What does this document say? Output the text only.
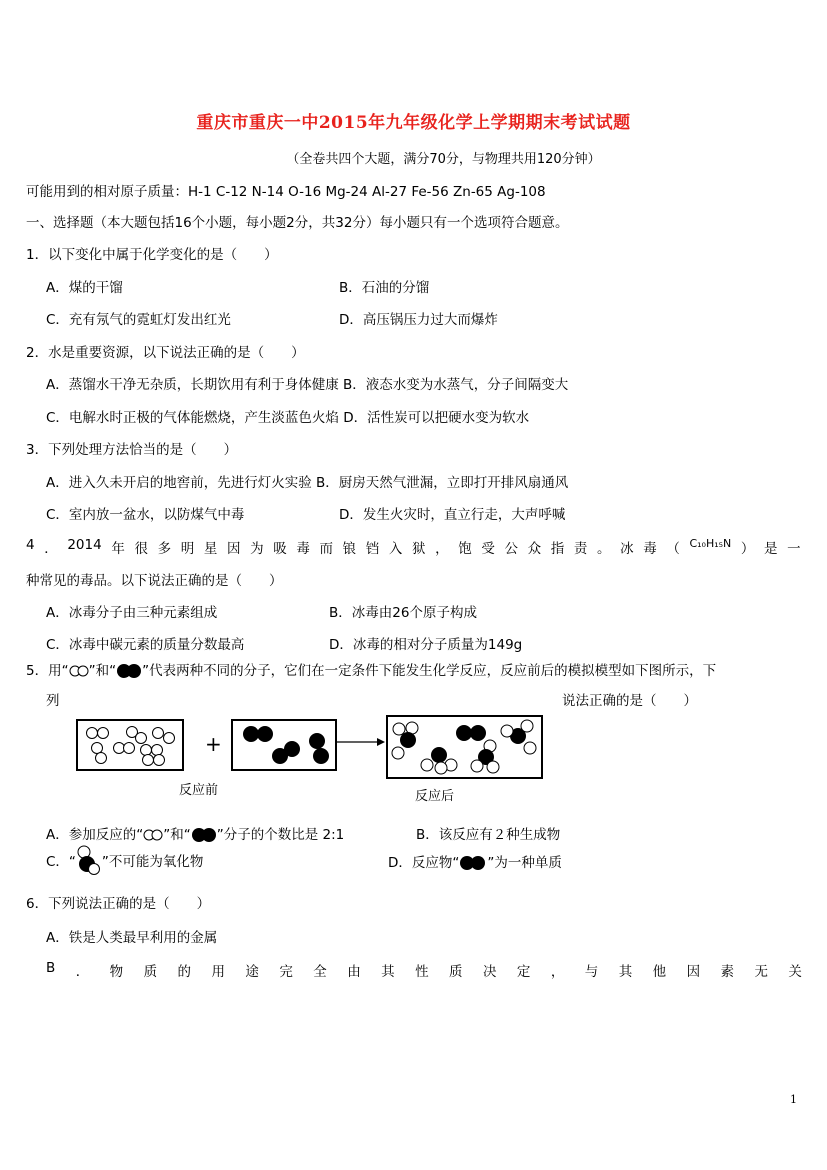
重庆市重庆一中2015年九年级化学上学期期末考试试题
（全卷共四个大题，满分70分，与物理共用120分钟）
可能用到的相对原子质量：H-1 C-12 N-14 O-16 Mg-24 Al-27 Fe-56 Zn-65 Ag-108
一、选择题（本大题包括16个小题，每小题2分，共32分）每小题只有一个选项符合题意。
1．以下变化中属于化学变化的是（　　）
A．煤的干馏	B．石油的分馏
C．充有氖气的霓虹灯发出红光	D．高压锅压力过大而爆炸
2．水是重要资源，以下说法正确的是（　　）
A．蒸馏水干净无杂质，长期饮用有利于身体健康 B．液态水变为水蒸气，分子间隔变大
C．电解水时正极的气体能燃烧，产生淡蓝色火焰 D．活性炭可以把硬水变为软水
3．下列处理方法恰当的是（　　）
A．进入久未开启的地窖前，先进行灯火实验 B．厨房天然气泄漏，立即打开排风扇通风
C．室内放一盆水，以防煤气中毒	D．发生火灾时，直立行走，大声呼喊
4 ． 2014 年 很 多 明 星 因 为 吸 毒 而 锒 铛 入 狱 ， 饱 受 公 众 指 责 。 冰 毒 （ C₁₀H₁₅N ） 是 一
种常见的毒品。以下说法正确的是（　　）
A．冰毒分子由三种元素组成	B．冰毒由26个原子构成
C．冰毒中碳元素的质量分数最高	D．冰毒的相对分子质量为149g
5．用“ ”和“ ”代表两种不同的分子，它们在一定条件下能发生化学反应，反应前后的模拟模型如下图所示，下
列	说法正确的是（　　）
+
反应前	反应后
A．参加反应的“ ”和“ ”分子的个数比是 2:1	B．该反应有２种生成物
C．“ ”不可能为氧化物	D．反应物“ ”为一种单质
6．下列说法正确的是（　　）
A．铁是人类最早利用的金属
B ． 物 质 的 用 途 完 全 由 其 性 质 决 定 ， 与 其 他 因 素 无 关
1
